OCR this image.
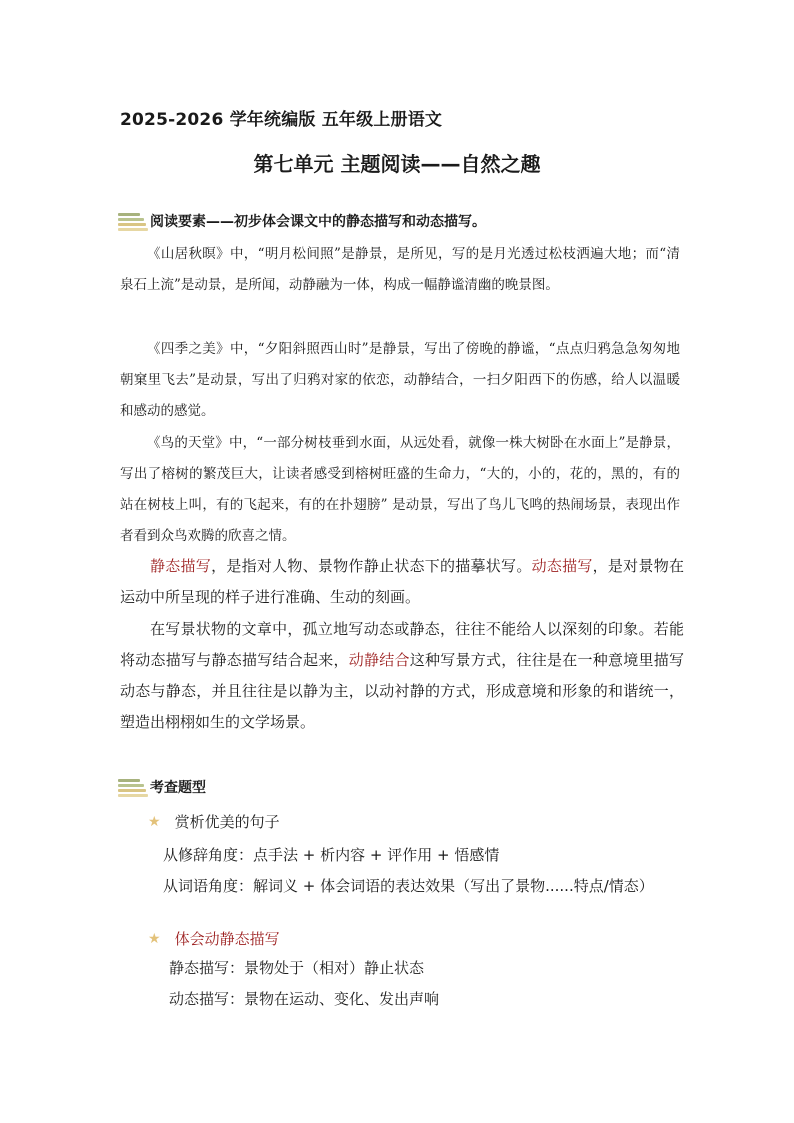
2025-2026 学年统编版 五年级上册语文
第七单元 主题阅读——自然之趣
阅读要素——初步体会课文中的静态描写和动态描写。

《山居秋暝》中，“明月松间照”是静景，是所见，写的是月光透过松枝洒遍大地；而“清泉石上流”是动景，是所闻，动静融为一体，构成一幅静谧清幽的晚景图。

《四季之美》中，“夕阳斜照西山时”是静景，写出了傍晚的静谧，“点点归鸦急急匆匆地朝窠里飞去”是动景，写出了归鸦对家的依恋，动静结合，一扫夕阳西下的伤感，给人以温暖和感动的感觉。

《鸟的天堂》中，“一部分树枝垂到水面，从远处看，就像一株大树卧在水面上”是静景，写出了榕树的繁茂巨大，让读者感受到榕树旺盛的生命力，“大的，小的，花的，黑的，有的站在树枝上叫，有的飞起来，有的在扑翅膀” 是动景，写出了鸟儿飞鸣的热闹场景，表现出作者看到众鸟欢腾的欣喜之情。

静态描写，是指对人物、景物作静止状态下的描摹状写。动态描写，是对景物在运动中所呈现的样子进行准确、生动的刻画。

在写景状物的文章中，孤立地写动态或静态，往往不能给人以深刻的印象。若能将动态描写与静态描写结合起来，动静结合这种写景方式，往往是在一种意境里描写动态与静态，并且往往是以静为主，以动衬静的方式，形成意境和形象的和谐统一，塑造出栩栩如生的文学场景。

考查题型
★ 赏析优美的句子
从修辞角度：点手法 + 析内容 + 评作用 + 悟感情
从词语角度：解词义 + 体会词语的表达效果（写出了景物......特点/情态）
★ 体会动静态描写
静态描写：景物处于（相对）静止状态
动态描写：景物在运动、变化、发出声响
